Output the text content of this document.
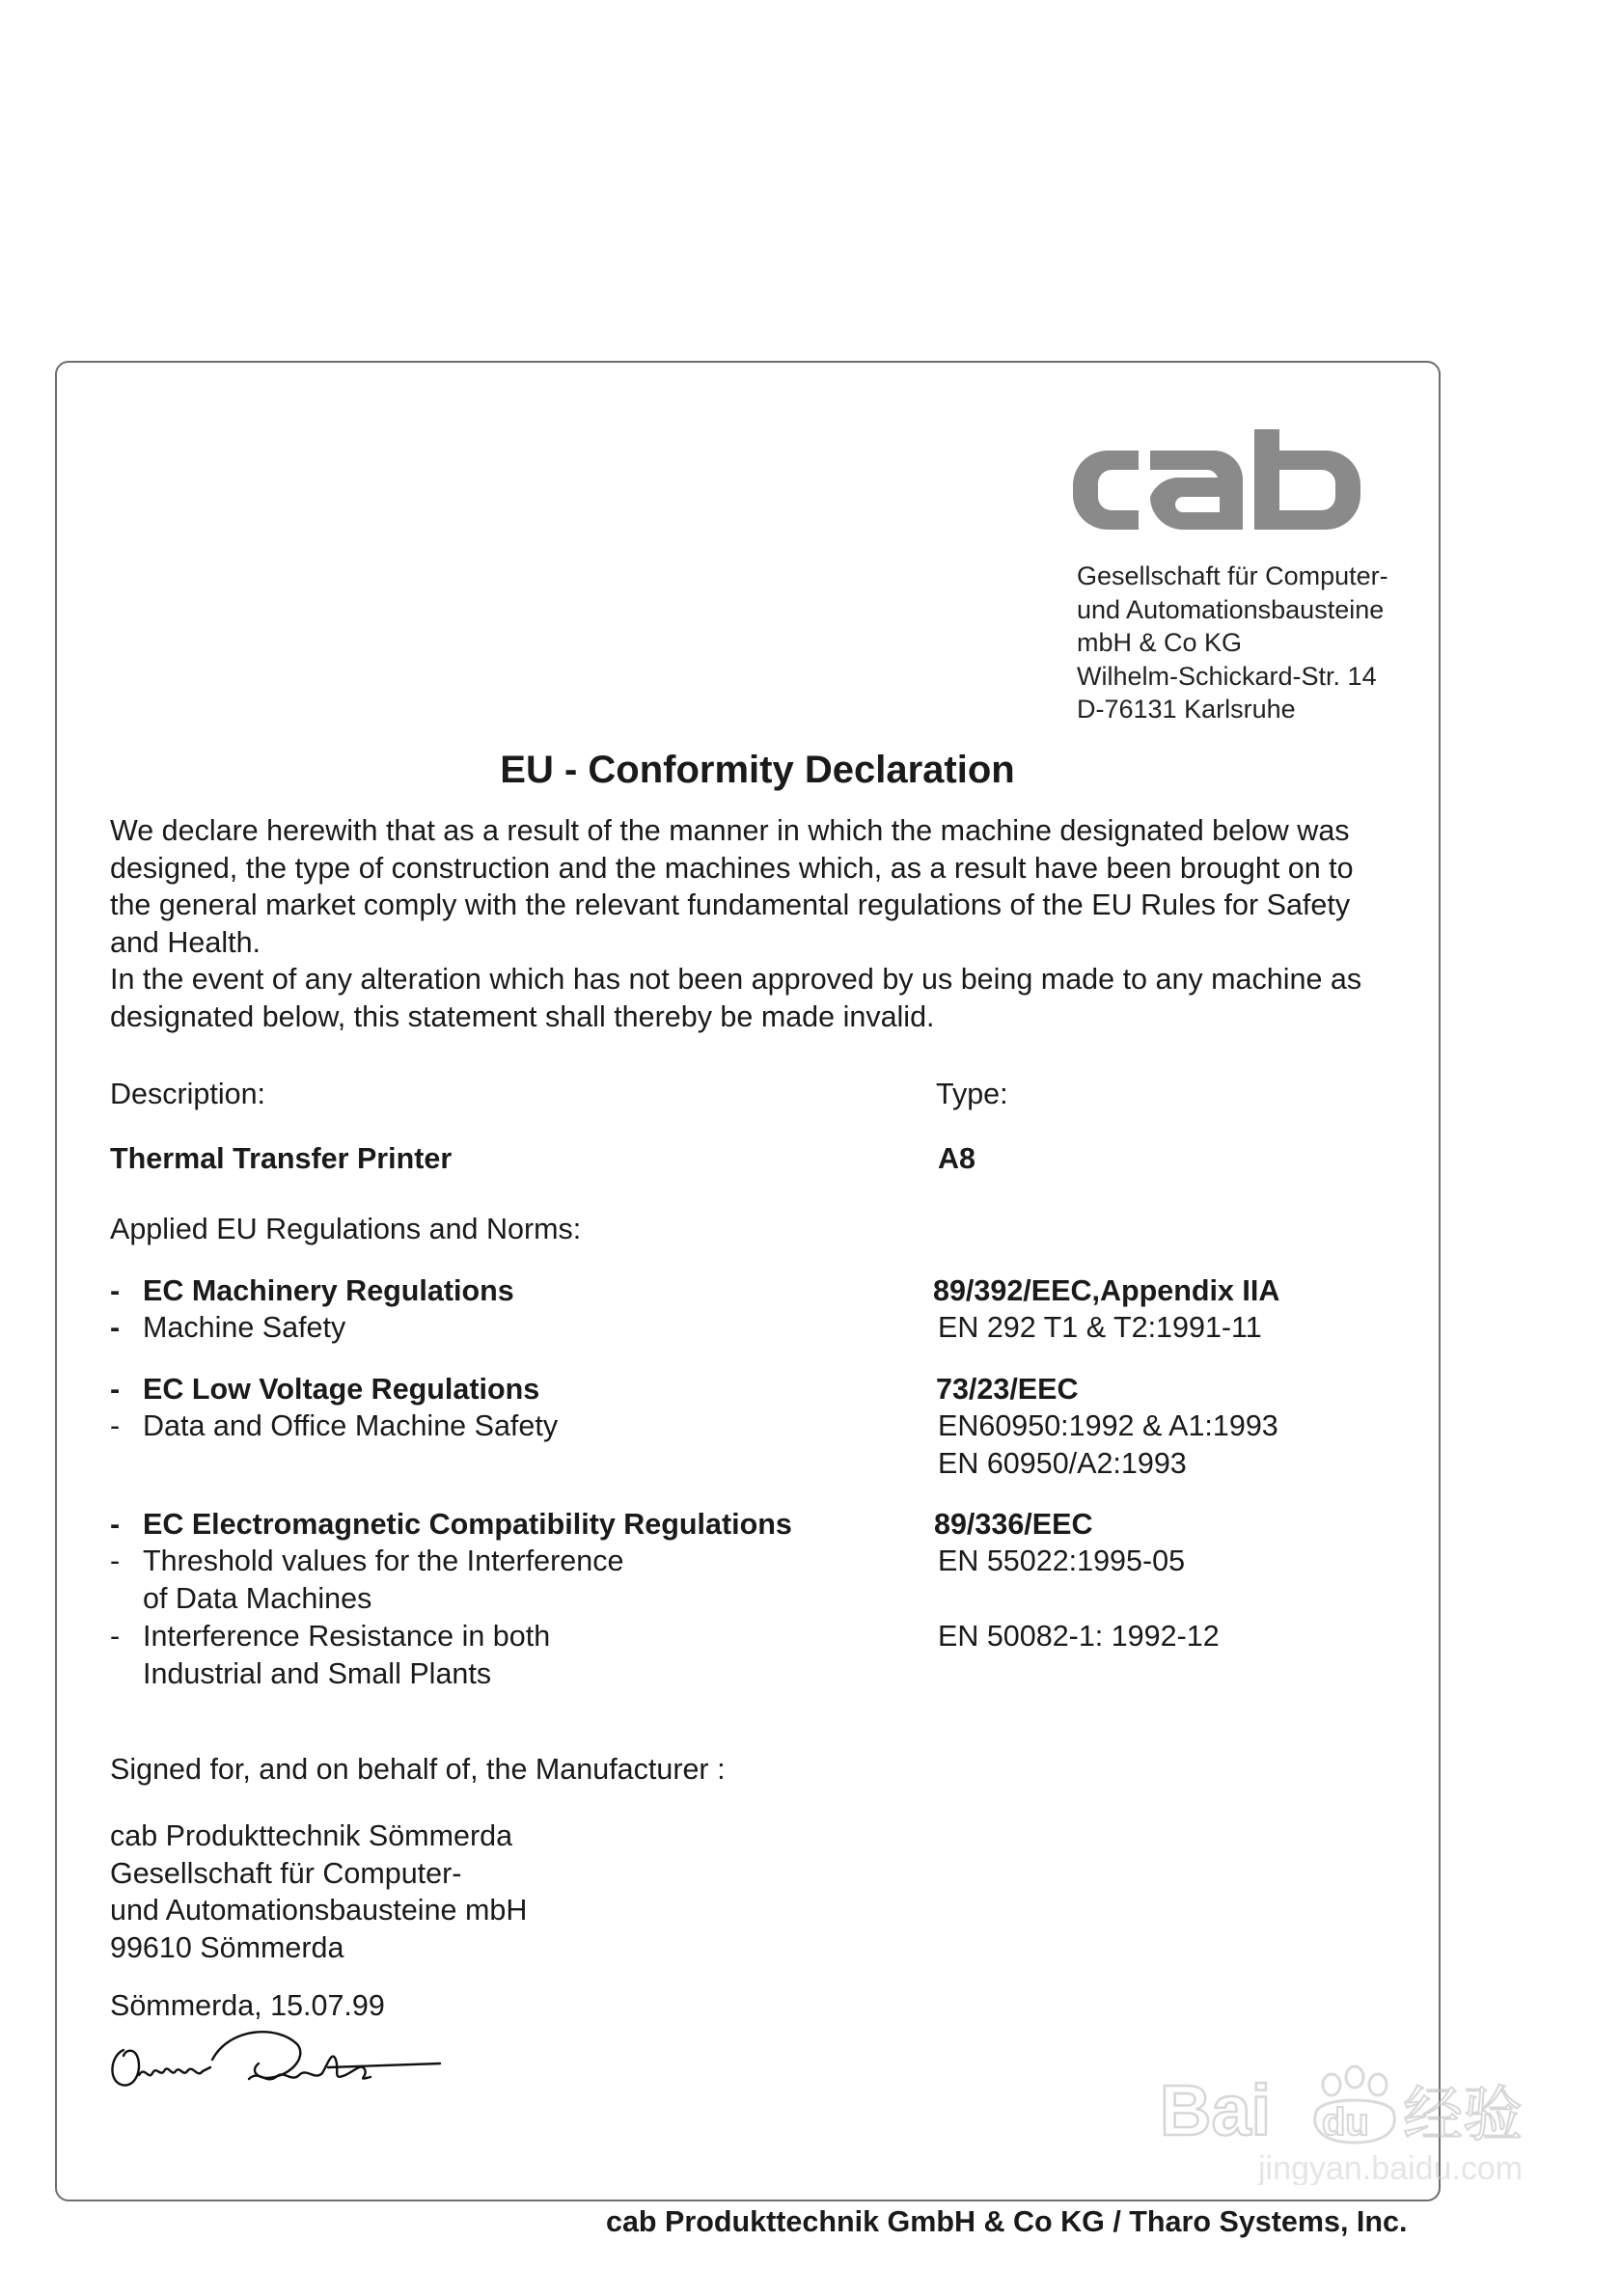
Gesellschaft für Computer-
und Automationsbausteine
mbH & Co KG
Wilhelm-Schickard-Str. 14
D-76131 Karlsruhe
EU - Conformity Declaration
We declare herewith that as a result of the manner in which the machine designated below was
designed, the type of construction and the machines which, as a result have been brought on to
the general market comply with the relevant fundamental regulations of the EU Rules for Safety
and Health.
In the event of any alteration which has not been approved by us being made to any machine as
designated below, this statement shall thereby be made invalid.
Description:	Type:
Thermal Transfer Printer	A8
Applied EU Regulations and Norms:
- EC Machinery Regulations	89/392/EEC,Appendix IIA
- Machine Safety	EN 292 T1 & T2:1991-11
- EC Low Voltage Regulations	73/23/EEC
- Data and Office Machine Safety	EN60950:1992 & A1:1993
EN 60950/A2:1993
- EC Electromagnetic Compatibility Regulations	89/336/EEC
- Threshold values for the Interference	EN 55022:1995-05
of Data Machines
- Interference Resistance in both	EN 50082-1: 1992-12
Industrial and Small Plants
Signed for, and on behalf of, the Manufacturer :
cab Produkttechnik Sömmerda
Gesellschaft für Computer-
und Automationsbausteine mbH
99610 Sömmerda
Sömmerda, 15.07.99
Bai du 经验
jingyan.baidu.com
cab Produkttechnik GmbH & Co KG / Tharo Systems, Inc.
